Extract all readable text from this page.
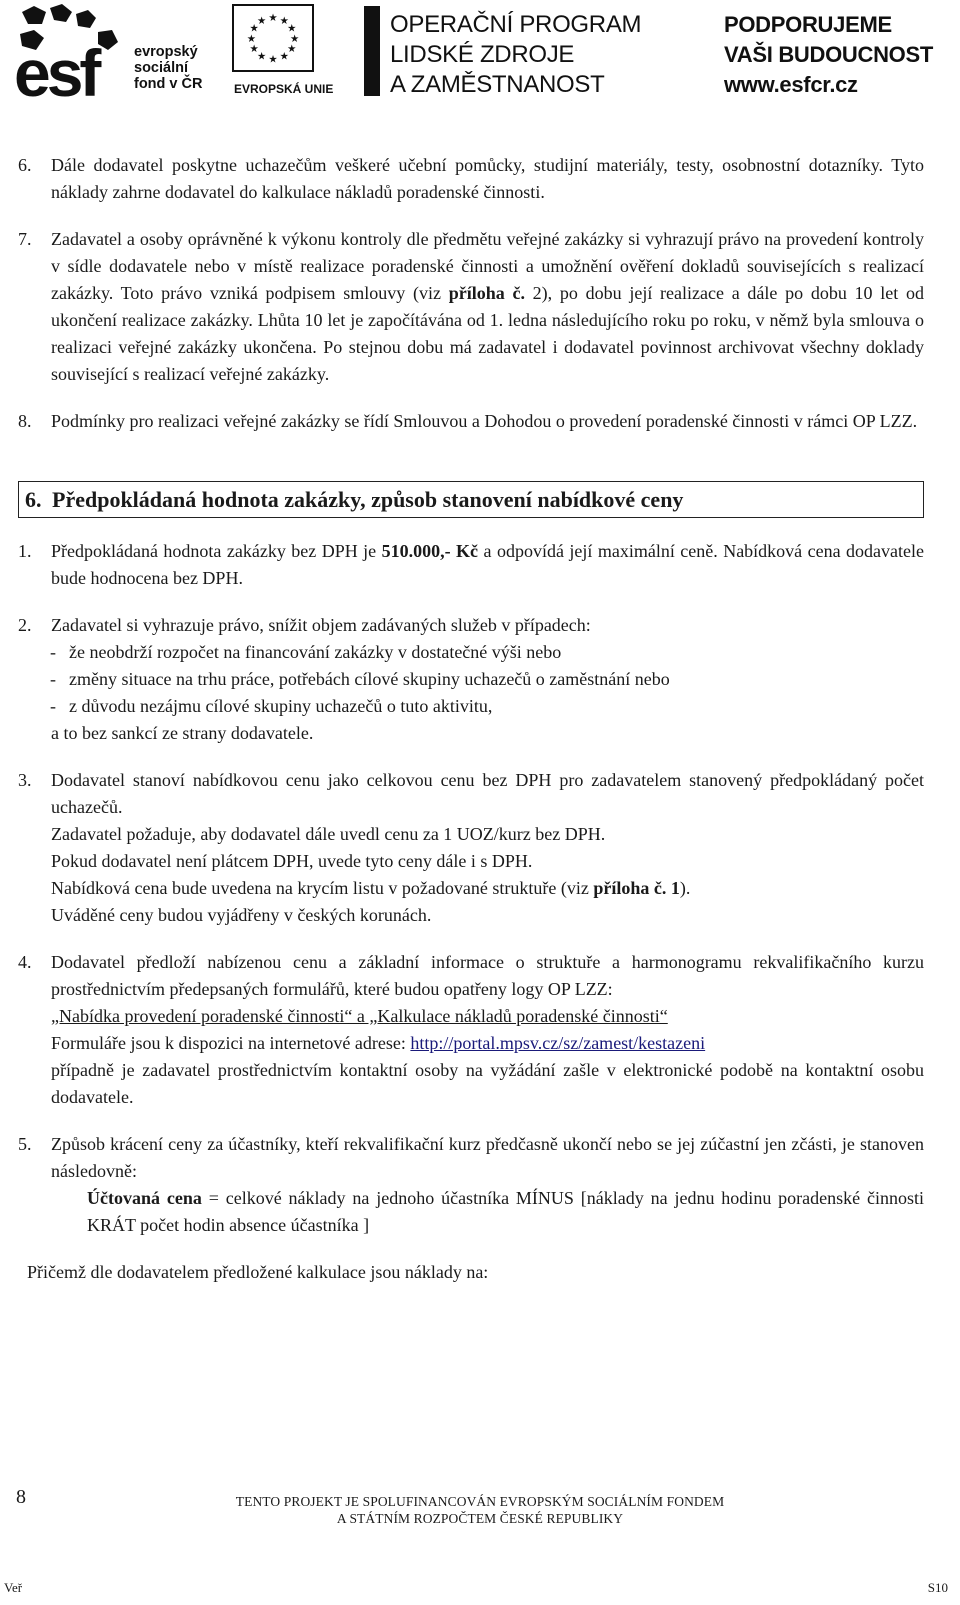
esf	evropský
sociální
fond v ČR
★ ★
★
★
★
★
★
★
★
★
★
★
EVROPSKÁ UNIE
OPERAČNÍ PROGRAM
LIDSKÉ ZDROJE
A ZAMĚSTNANOST
PODPORUJEME
VAŠI BUDOUCNOST
www.esfcr.cz
6. Dále dodavatel poskytne uchazečům veškeré učební pomůcky, studijní materiály, testy, osobnostní dotazníky. Tyto náklady zahrne dodavatel do kalkulace nákladů poradenské činnosti.
7. Zadavatel a osoby oprávněné k výkonu kontroly dle předmětu veřejné zakázky si vyhrazují právo na provedení kontroly v sídle dodavatele nebo v místě realizace poradenské činnosti a umožnění ověření dokladů souvisejících s realizací zakázky. Toto právo vzniká podpisem smlouvy (viz příloha č. 2), po dobu její realizace a dále po dobu 10 let od ukončení realizace zakázky. Lhůta 10 let je započítávána od 1. ledna následujícího roku po roku, v němž byla smlouva o realizaci veřejné zakázky ukončena. Po stejnou dobu má zadavatel i dodavatel povinnost archivovat všechny doklady související s realizací veřejné zakázky.
8. Podmínky pro realizaci veřejné zakázky se řídí Smlouvou a Dohodou o provedení poradenské činnosti v rámci OP LZZ.
6. Předpokládaná hodnota zakázky, způsob stanovení nabídkové ceny
1. Předpokládaná hodnota zakázky bez DPH je 510.000,- Kč a odpovídá její maximální ceně. Nabídková cena dodavatele bude hodnocena bez DPH.
2. Zadavatel si vyhrazuje právo, snížit objem zadávaných služeb v případech:
- že neobdrží rozpočet na financování zakázky v dostatečné výši nebo
- změny situace na trhu práce, potřebách cílové skupiny uchazečů o zaměstnání nebo
- z důvodu nezájmu cílové skupiny uchazečů o tuto aktivitu,
a to bez sankcí ze strany dodavatele.
3. Dodavatel stanoví nabídkovou cenu jako celkovou cenu bez DPH pro zadavatelem stanovený předpokládaný počet uchazečů.
Zadavatel požaduje, aby dodavatel dále uvedl cenu za 1 UOZ/kurz bez DPH.
Pokud dodavatel není plátcem DPH, uvede tyto ceny dále i s DPH.
Nabídková cena bude uvedena na krycím listu v požadované struktuře (viz příloha č. 1).
Uváděné ceny budou vyjádřeny v českých korunách.
4. Dodavatel předloží nabízenou cenu a základní informace o struktuře a harmonogramu rekvalifikačního kurzu prostřednictvím předepsaných formulářů, které budou opatřeny logy OP LZZ:
„Nabídka provedení poradenské činnosti“ a „Kalkulace nákladů poradenské činnosti“
Formuláře jsou k dispozici na internetové adrese: http://portal.mpsv.cz/sz/zamest/kestazeni
případně je zadavatel prostřednictvím kontaktní osoby na vyžádání zašle v elektronické podobě na kontaktní osobu dodavatele.
5. Způsob krácení ceny za účastníky, kteří rekvalifikační kurz předčasně ukončí nebo se jej zúčastní jen zčásti, je stanoven následovně:
Účtovaná cena = celkové náklady na jednoho účastníka MÍNUS [náklady na jednu hodinu poradenské činnosti KRÁT počet hodin absence účastníka ]
Přičemž dle dodavatelem předložené kalkulace jsou náklady na:
8	TENTO PROJEKT JE SPOLUFINANCOVÁN EVROPSKÝM SOCIÁLNÍM FONDEM
A STÁTNÍM ROZPOČTEM ČESKÉ REPUBLIKY
Veř	S10
